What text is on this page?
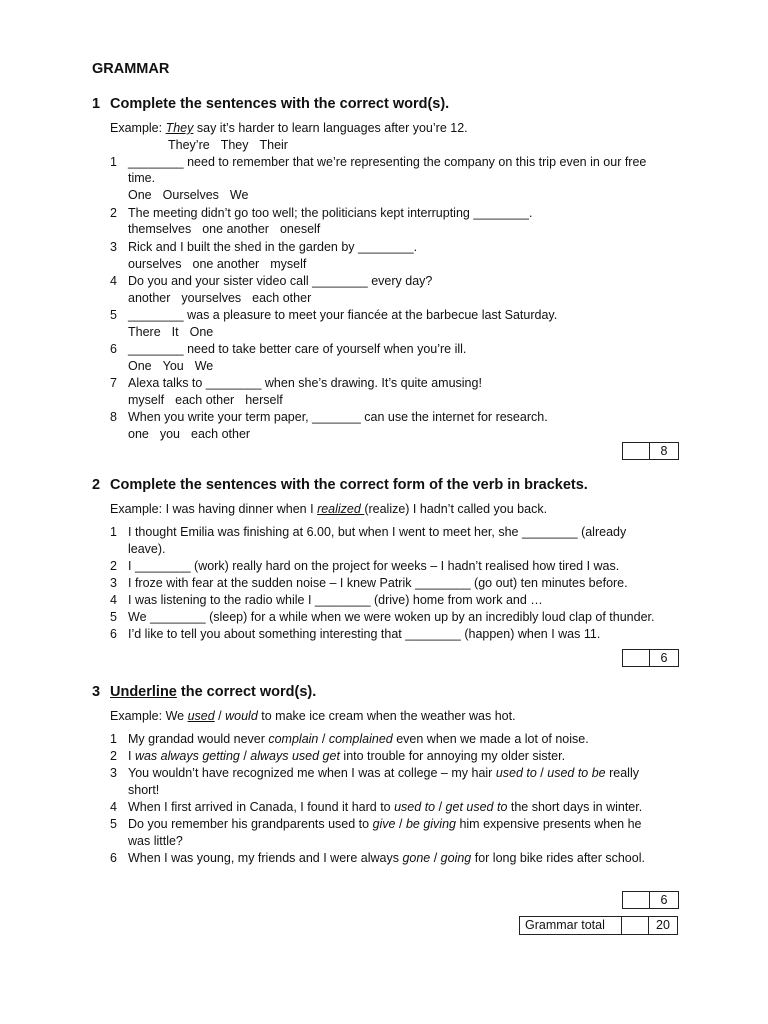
GRAMMAR
1 Complete the sentences with the correct word(s).
Example: They say it’s harder to learn languages after you’re 12.
They’re They Their
1 ________ need to remember that we’re representing the company on this trip even in our free
time.
One Ourselves We
2 The meeting didn’t go too well; the politicians kept interrupting ________.
themselves one another oneself
3 Rick and I built the shed in the garden by ________.
ourselves one another myself
4 Do you and your sister video call ________ every day?
another yourselves each other
5 ________ was a pleasure to meet your fiancée at the barbecue last Saturday.
There It One
6 ________ need to take better care of yourself when you’re ill.
One You We
7 Alexa talks to ________ when she’s drawing. It’s quite amusing!
myself each other herself
8 When you write your term paper, _______ can use the internet for research.
one you each other
8
2 Complete the sentences with the correct form of the verb in brackets.
Example: I was having dinner when I realized (realize) I hadn’t called you back.
1 I thought Emilia was finishing at 6.00, but when I went to meet her, she ________ (already
leave).
2 I ________ (work) really hard on the project for weeks – I hadn’t realised how tired I was.
3 I froze with fear at the sudden noise – I knew Patrik ________ (go out) ten minutes before.
4 I was listening to the radio while I ________ (drive) home from work and …
5 We ________ (sleep) for a while when we were woken up by an incredibly loud clap of thunder.
6 I’d like to tell you about something interesting that ________ (happen) when I was 11.
6
3 Underline the correct word(s).
Example: We used / would to make ice cream when the weather was hot.
1 My grandad would never complain / complained even when we made a lot of noise.
2 I was always getting / always used get into trouble for annoying my older sister.
3 You wouldn’t have recognized me when I was at college – my hair used to / used to be really
short!
4 When I first arrived in Canada, I found it hard to used to / get used to the short days in winter.
5 Do you remember his grandparents used to give / be giving him expensive presents when he
was little?
6 When I was young, my friends and I were always gone / going for long bike rides after school.
6
Grammar total	20
